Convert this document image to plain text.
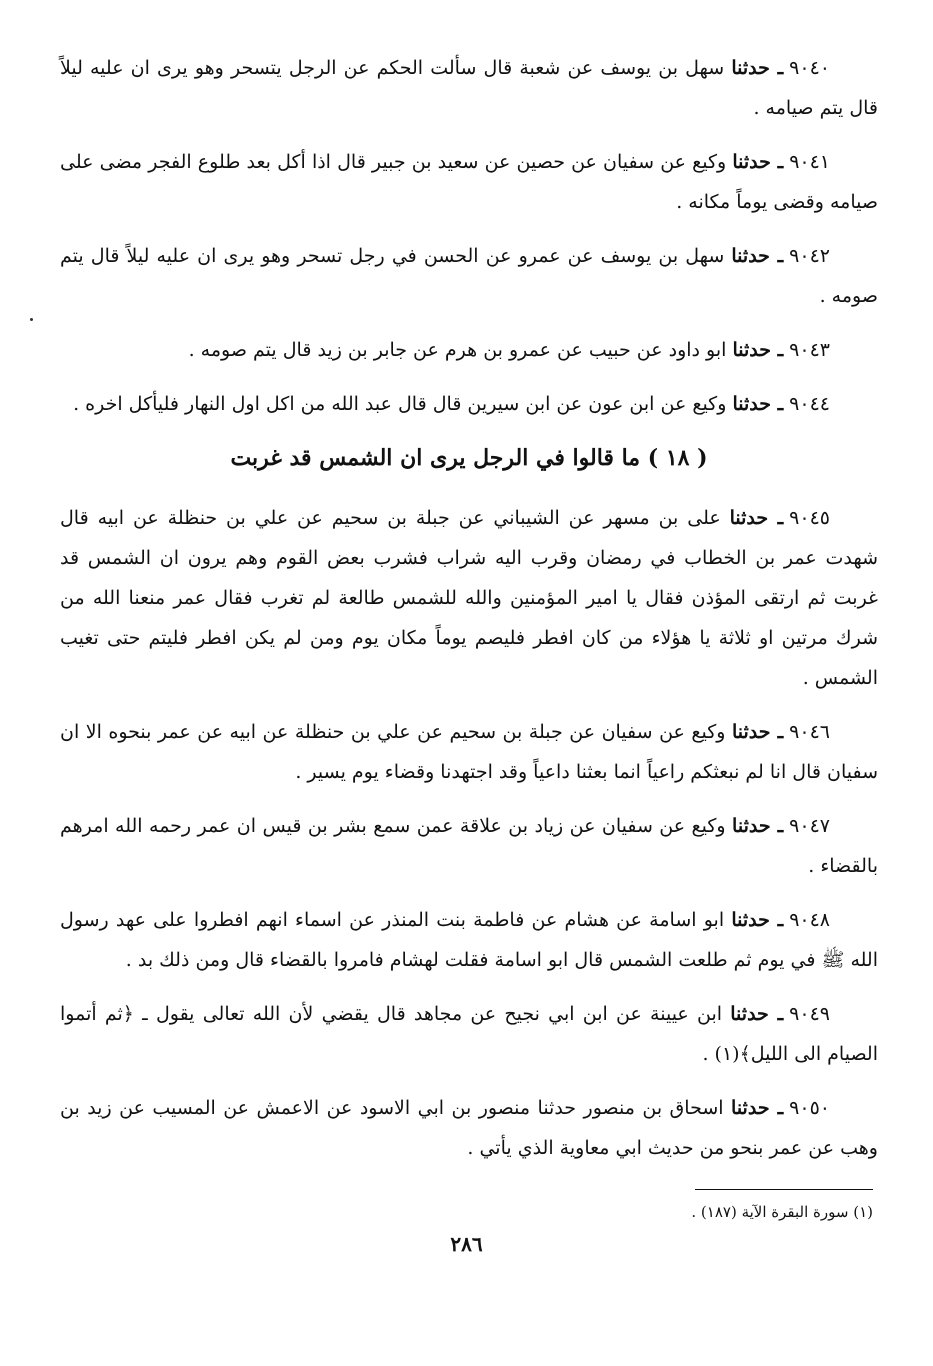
٩٠٤٠ـ حدثنا سهل بن يوسف عن شعبة قال سألت الحكم عن الرجل يتسحر وهو يرى ان عليه ليلاً قال يتم صيامه .

٩٠٤١ـ حدثنا وكيع عن سفيان عن حصين عن سعيد بن جبير قال اذا أكل بعد طلوع الفجر مضى على صيامه وقضى يوماً مكانه .

٩٠٤٢ـ حدثنا سهل بن يوسف عن عمرو عن الحسن في رجل تسحر وهو يرى ان عليه ليلاً قال يتم صومه .

٩٠٤٣ـ حدثنا ابو داود عن حبيب عن عمرو بن هرم عن جابر بن زيد قال يتم صومه .

٩٠٤٤ـ حدثنا وكيع عن ابن عون عن ابن سيرين قال قال عبد الله من اكل اول النهار فليأكل اخره .

( ١٨ ) ما قالوا في الرجل يرى ان الشمس قد غربت

٩٠٤٥ـ حدثنا على بن مسهر عن الشيباني عن جبلة بن سحيم عن علي بن حنظلة عن ابيه قال شهدت عمر بن الخطاب في رمضان وقرب اليه شراب فشرب بعض القوم وهم يرون ان الشمس قد غربت ثم ارتقى المؤذن فقال يا امير المؤمنين والله للشمس طالعة لم تغرب فقال عمر منعنا الله من شرك مرتين او ثلاثة يا هؤلاء من كان افطر فليصم يوماً مكان يوم ومن لم يكن افطر فليتم حتى تغيب الشمس .

٩٠٤٦ـ حدثنا وكيع عن سفيان عن جبلة بن سحيم عن علي بن حنظلة عن ابيه عن عمر بنحوه الا ان سفيان قال انا لم نبعثكم راعياً انما بعثنا داعياً وقد اجتهدنا وقضاء يوم يسير .

٩٠٤٧ـ حدثنا وكيع عن سفيان عن زياد بن علاقة عمن سمع بشر بن قيس ان عمر رحمه الله امرهم بالقضاء .

٩٠٤٨ـ حدثنا ابو اسامة عن هشام عن فاطمة بنت المنذر عن اسماء انهم افطروا على عهد رسول الله ﷺ في يوم ثم طلعت الشمس قال ابو اسامة فقلت لهشام فامروا بالقضاء قال ومن ذلك بد .

٩٠٤٩ـ حدثنا ابن عيينة عن ابن ابي نجيح عن مجاهد قال يقضي لأن الله تعالى يقول ـ ﴿ثم أتموا الصيام الى الليل﴾(١) .

٩٠٥٠ـ حدثنا اسحاق بن منصور حدثنا منصور بن ابي الاسود عن الاعمش عن المسيب عن زيد بن وهب عن عمر بنحو من حديث ابي معاوية الذي يأتي .

(١) سورة البقرة الآية (١٨٧) .
٢٨٦
